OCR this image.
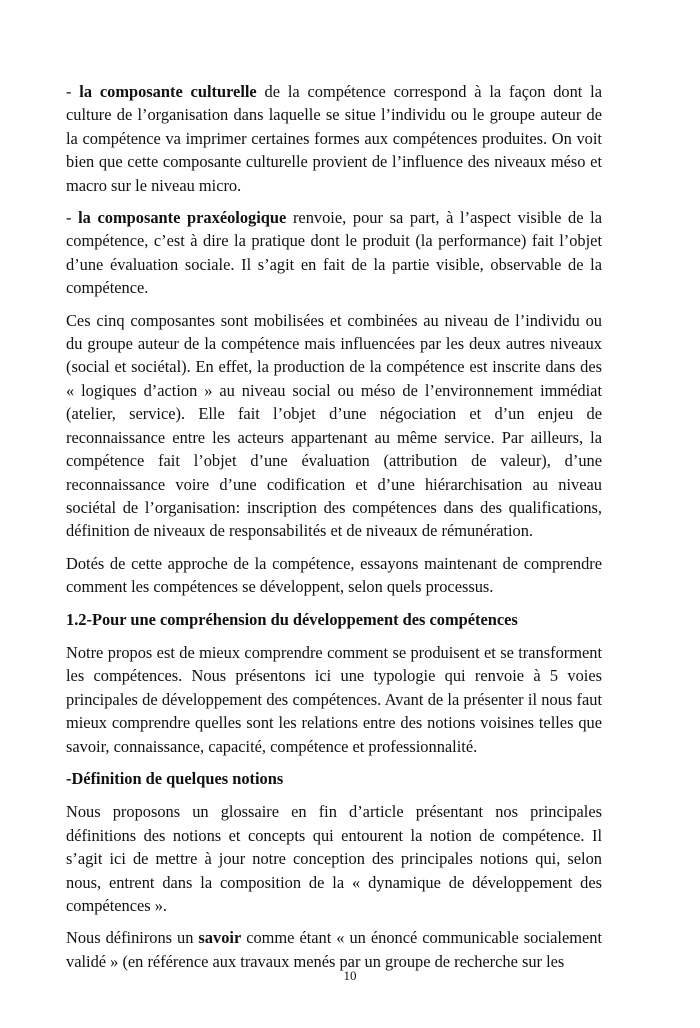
- la composante culturelle de la compétence correspond à la façon dont la culture de l’organisation dans laquelle se situe l’individu ou le groupe auteur de la compétence va imprimer certaines formes aux compétences produites. On voit bien que cette composante culturelle provient de l’influence des niveaux méso et macro sur le niveau micro.

- la composante praxéologique renvoie, pour sa part, à l’aspect visible de la compétence, c’est à dire la pratique dont le produit (la performance) fait l’objet d’une évaluation sociale. Il s’agit en fait de la partie visible, observable de la compétence.

Ces cinq composantes sont mobilisées et combinées au niveau de l’individu ou du groupe auteur de la compétence mais influencées par les deux autres niveaux (social et sociétal). En effet, la production de la compétence est inscrite dans des « logiques d’action » au niveau social ou méso de l’environnement immédiat (atelier, service). Elle fait l’objet d’une négociation et d’un enjeu de reconnaissance entre les acteurs appartenant au même service. Par ailleurs, la compétence fait l’objet d’une évaluation (attribution de valeur), d’une reconnaissance voire d’une codification et d’une hiérarchisation au niveau sociétal de l’organisation: inscription des compétences dans des qualifications, définition de niveaux de responsabilités et de niveaux de rémunération.

Dotés de cette approche de la compétence, essayons maintenant de comprendre comment les compétences se développent, selon quels processus.

1.2-Pour une compréhension du développement des compétences

Notre propos est de mieux comprendre comment se produisent et se transforment les compétences. Nous présentons ici une typologie qui renvoie à 5 voies principales de développement des compétences. Avant de la présenter il nous faut mieux comprendre quelles sont les relations entre des notions voisines telles que savoir, connaissance, capacité, compétence et professionnalité.

-Définition de quelques notions

Nous proposons un glossaire en fin d’article présentant nos principales définitions des notions et concepts qui entourent la notion de compétence. Il s’agit ici de mettre à jour notre conception des principales notions qui, selon nous, entrent dans la composition de la « dynamique de développement des compétences ».

Nous définirons un savoir comme étant « un énoncé communicable socialement validé » (en référence aux travaux menés par un groupe de recherche sur les

10
